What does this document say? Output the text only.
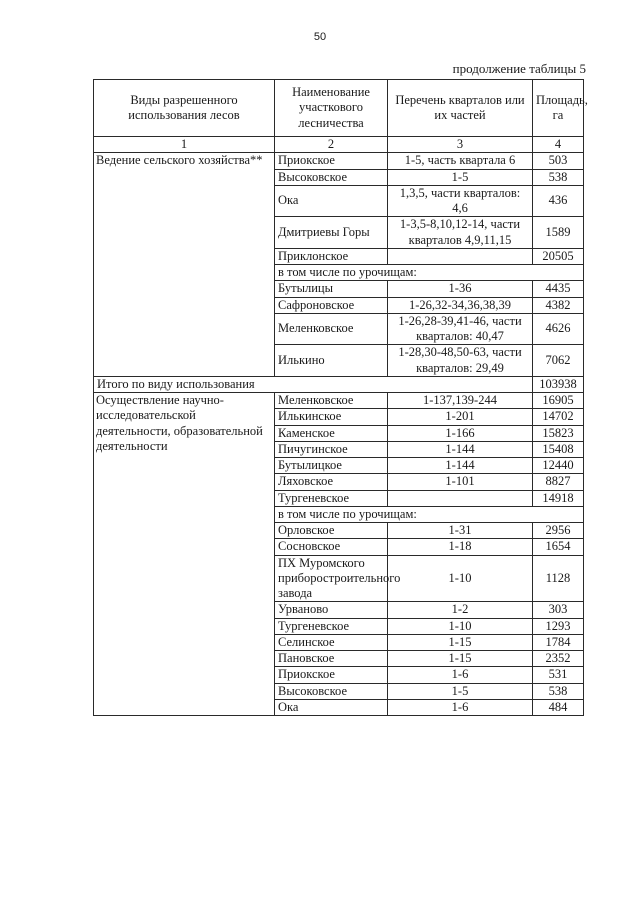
50
продолжение таблицы 5
Виды разрешенного использования лесов	Наименование участкового лесничества	Перечень кварталов или их частей	Площадь, га
1	2	3	4
Ведение сельского хозяйства**	Приокское	1-5, часть квартала 6	503
	Высоковское	1-5	538
	Ока	1,3,5, части кварталов: 4,6	436
	Дмитриевы Горы	1-3,5-8,10,12-14, части кварталов 4,9,11,15	1589
	Приклонское		20505
	в том числе по урочищам:		
	Бутылицы	1-36	4435
	Сафроновское	1-26,32-34,36,38,39	4382
	Меленковское	1-26,28-39,41-46, части кварталов: 40,47	4626
	Илькино	1-28,30-48,50-63, части кварталов: 29,49	7062
Итого по виду использования			103938
Осуществление научно-исследовательской деятельности, образовательной деятельности	Меленковское	1-137,139-244	16905
	Илькинское	1-201	14702
	Каменское	1-166	15823
	Пичугинское	1-144	15408
	Бутылицкое	1-144	12440
	Ляховское	1-101	8827
	Тургеневское		14918
	в том числе по урочищам:		
	Орловское	1-31	2956
	Сосновское	1-18	1654
	ПХ Муромского приборостроительного завода	1-10	1128
	Урваново	1-2	303
	Тургеневское	1-10	1293
	Селинское	1-15	1784
	Пановское	1-15	2352
	Приокское	1-6	531
	Высоковское	1-5	538
	Ока	1-6	484
